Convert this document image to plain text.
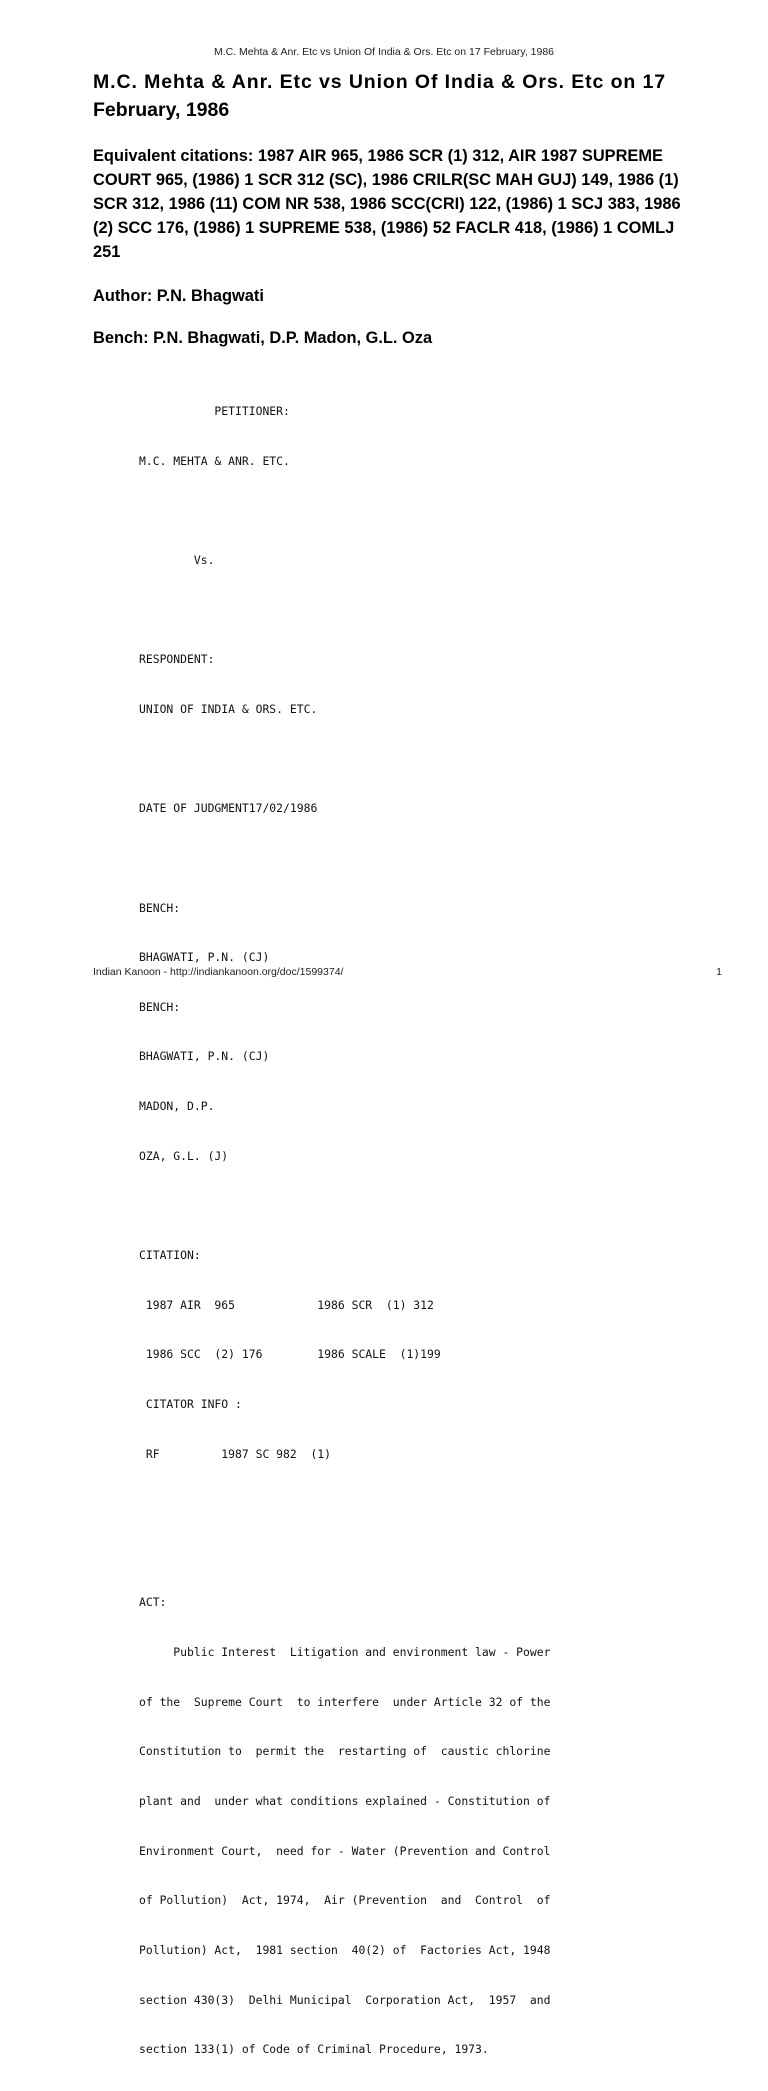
M.C. Mehta & Anr. Etc vs Union Of India & Ors. Etc on 17 February, 1986
M.C. Mehta & Anr. Etc vs Union Of India & Ors. Etc on 17
February, 1986
Equivalent citations: 1987 AIR 965, 1986 SCR (1) 312, AIR 1987 SUPREME
COURT 965, (1986) 1 SCR 312 (SC), 1986 CRILR(SC MAH GUJ) 149, 1986 (1)
SCR 312, 1986 (11) COM NR 538, 1986 SCC(CRI) 122, (1986) 1 SCJ 383, 1986
(2) SCC 176, (1986) 1 SUPREME 538, (1986) 52 FACLR 418, (1986) 1 COMLJ
251
Author: P.N. Bhagwati
Bench: P.N. Bhagwati, D.P. Madon, G.L. Oza

PETITIONER:

M.C. MEHTA & ANR. ETC.

Vs.

RESPONDENT:

UNION OF INDIA & ORS. ETC.

DATE OF JUDGMENT17/02/1986

BENCH:

BHAGWATI, P.N. (CJ)

BENCH:

BHAGWATI, P.N. (CJ)

MADON, D.P.

OZA, G.L. (J)

CITATION:

1987 AIR  965            1986 SCR  (1) 312

1986 SCC  (2) 176        1986 SCALE  (1)199

CITATOR INFO :

RF         1987 SC 982  (1)

ACT:

Public Interest  Litigation and environment law - Power

of the  Supreme Court  to interfere  under Article 32 of the

Constitution to  permit the  restarting of  caustic chlorine

plant and  under what conditions explained - Constitution of

Environment Court,  need for - Water (Prevention and Control

of Pollution)  Act, 1974,  Air (Prevention  and  Control  of

Pollution) Act,  1981 section  40(2) of  Factories Act, 1948

section 430(3)  Delhi Municipal  Corporation Act,  1957  and

section 133(1) of Code of Criminal Procedure, 1973.

Indian Kanoon - http://indiankanoon.org/doc/1599374/	1
